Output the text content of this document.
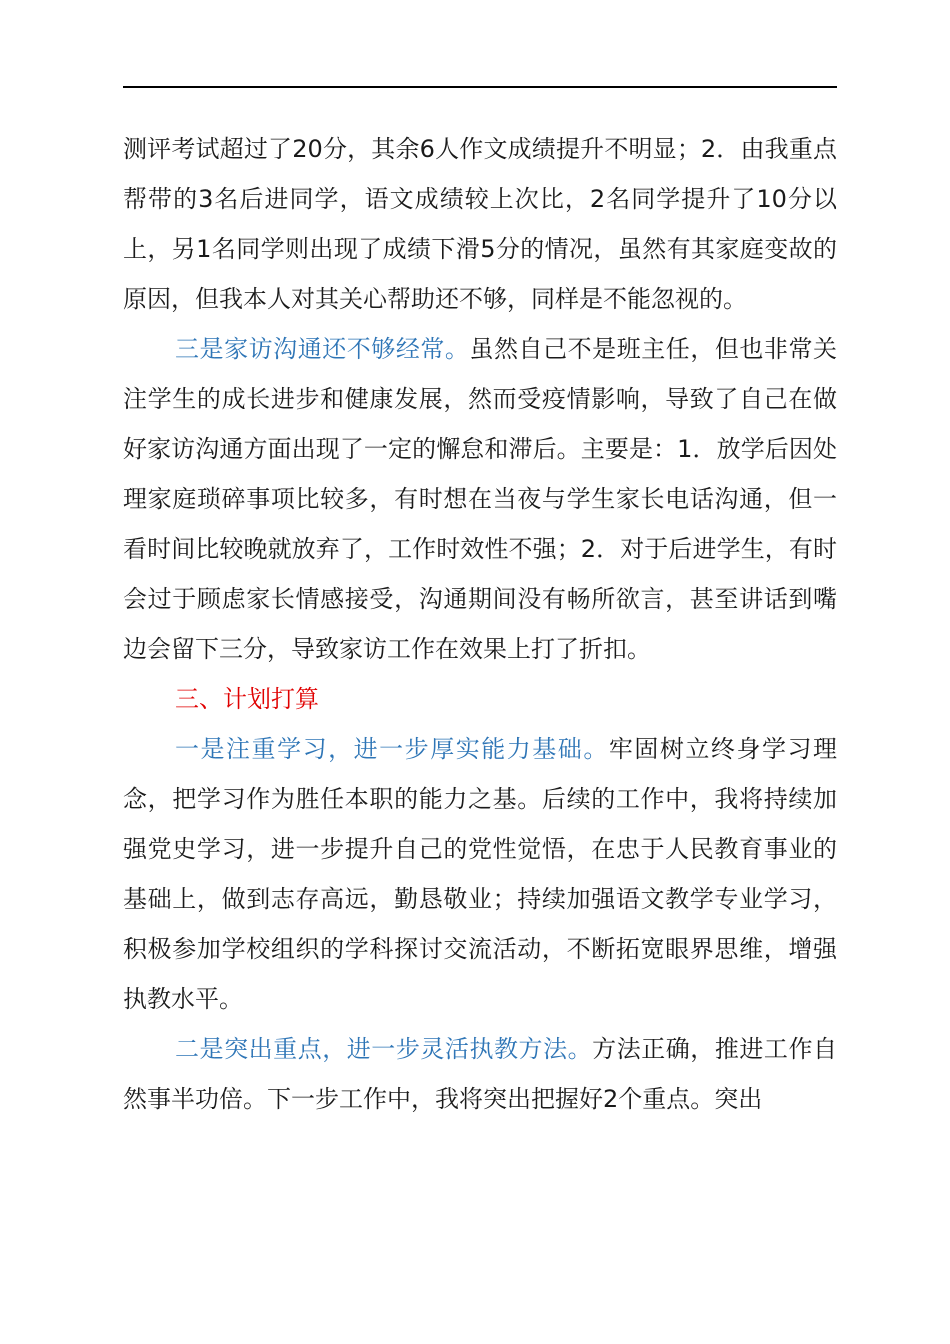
测评考试超过了20分，其余6人作文成绩提升不明显；2．由我重点帮带的3名后进同学，语文成绩较上次比，2名同学提升了10分以上，另1名同学则出现了成绩下滑5分的情况，虽然有其家庭变故的原因，但我本人对其关心帮助还不够，同样是不能忽视的。

三是家访沟通还不够经常。虽然自己不是班主任，但也非常关注学生的成长进步和健康发展，然而受疫情影响，导致了自己在做好家访沟通方面出现了一定的懈怠和滞后。主要是：1．放学后因处理家庭琐碎事项比较多，有时想在当夜与学生家长电话沟通，但一看时间比较晚就放弃了，工作时效性不强；2．对于后进学生，有时会过于顾虑家长情感接受，沟通期间没有畅所欲言，甚至讲话到嘴边会留下三分，导致家访工作在效果上打了折扣。

三、计划打算

一是注重学习，进一步厚实能力基础。牢固树立终身学习理念，把学习作为胜任本职的能力之基。后续的工作中，我将持续加强党史学习，进一步提升自己的党性觉悟，在忠于人民教育事业的基础上，做到志存高远，勤恳敬业；持续加强语文教学专业学习，积极参加学校组织的学科探讨交流活动，不断拓宽眼界思维，增强执教水平。

二是突出重点，进一步灵活执教方法。方法正确，推进工作自然事半功倍。下一步工作中，我将突出把握好2个重点。突出
